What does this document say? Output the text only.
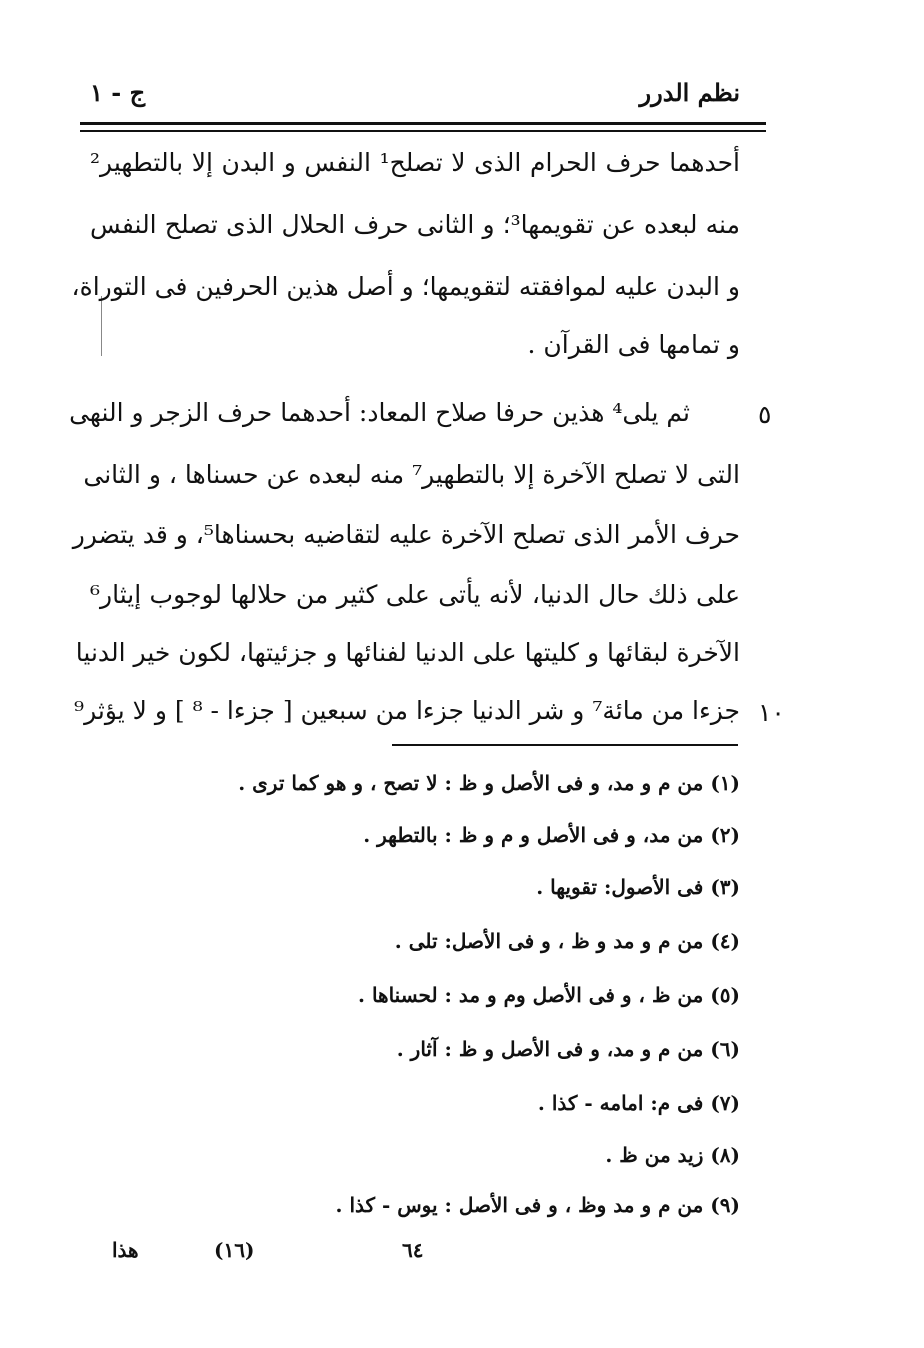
نظم الدرر
ج - ١
أحدهما حرف الحرام الذى لا تصلح¹ النفس و البدن إلا بالتطهير²
منه لبعده عن تقويمها³؛ و الثانى حرف الحلال الذى تصلح النفس
و البدن عليه لموافقته لتقويمها؛ و أصل هذين الحرفين فى التوراة،
و تمامها فى القرآن .
ثم يلى⁴ هذين حرفا صلاح المعاد: أحدهما حرف الزجر و النهى	٥
التى لا تصلح الآخرة إلا بالتطهير⁷ منه لبعده عن حسناها ، و الثانى
حرف الأمر الذى تصلح الآخرة عليه لتقاضيه بحسناها⁵، و قد يتضرر
على ذلك حال الدنيا، لأنه يأتى على كثير من حلالها لوجوب إيثار⁶
الآخرة لبقائها و كليتها على الدنيا لفنائها و جزئيتها، لكون خير الدنيا
جزءا من مائة⁷ و شر الدنيا جزءا من سبعين [ جزءا - ⁸ ] و لا يؤثر⁹ ١٠
(١) من م و مد، و فى الأصل و ظ : لا تصح ، و هو كما ترى .
(٢) من مد، و فى الأصل و م و ظ : بالتطهر .
(٣) فى الأصول: تقويها .
(٤) من م و مد و ظ ، و فى الأصل: تلى .
(٥) من ظ ، و فى الأصل وم و مد : لحسناها .
(٦) من م و مد، و فى الأصل و ظ : آثار .
(٧) فى م: امامه - كذا .
(٨) زيد من ظ .
(٩) من م و مد وظ ، و فى الأصل : يوس - كذا .
هذا	(١٦)	٦٤
